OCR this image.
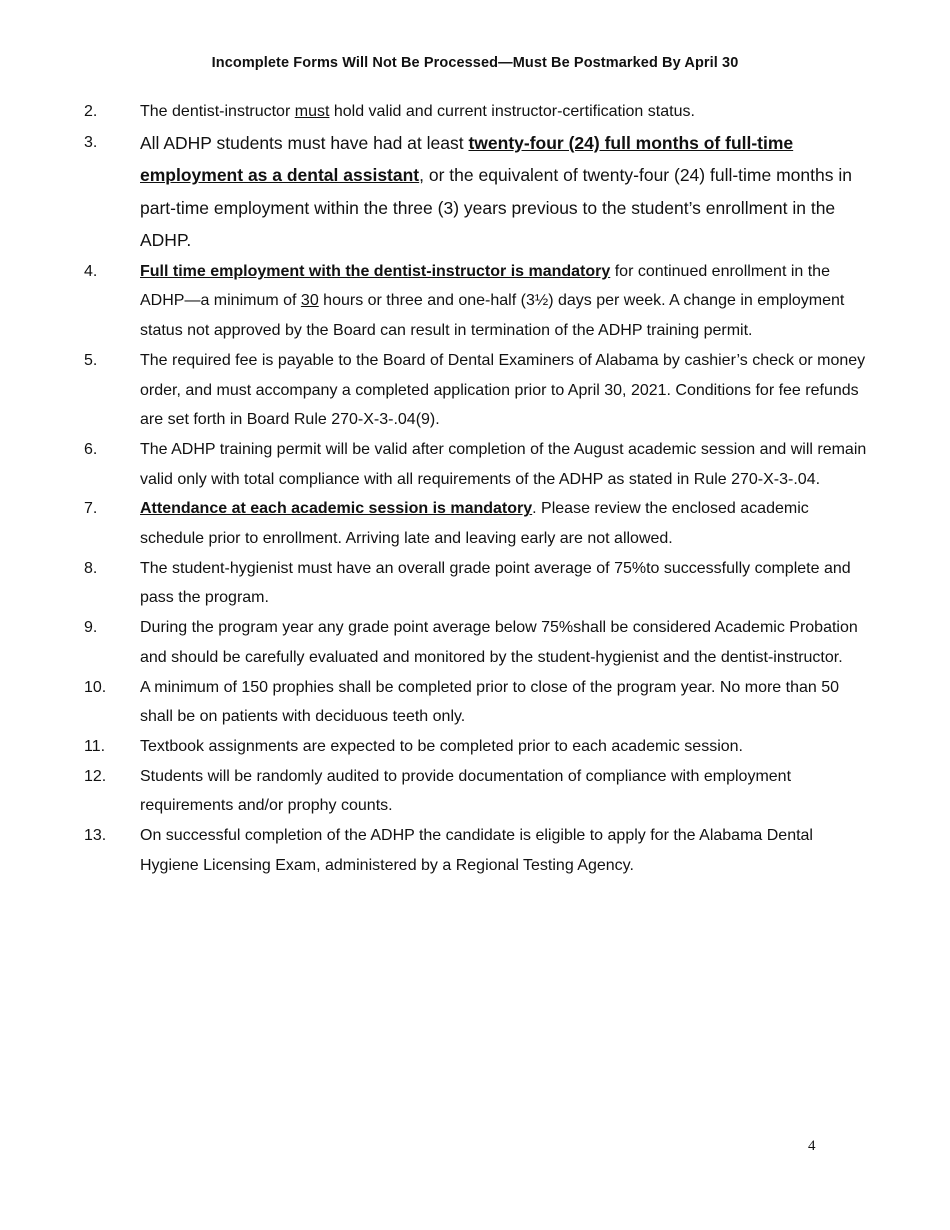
Incomplete Forms Will Not Be Processed—Must Be Postmarked By April 30
2.	The dentist-instructor must hold valid and current instructor-certification status.
3.	All ADHP students must have had at least twenty-four (24) full months of full-time employment as a dental assistant, or the equivalent of twenty-four (24) full-time months in part-time employment within the three (3) years previous to the student’s enrollment in the ADHP.
4.	Full time employment with the dentist-instructor is mandatory for continued enrollment in the ADHP—a minimum of 30 hours or three and one-half (3½) days per week. A change in employment status not approved by the Board can result in termination of the ADHP training permit.
5.	The required fee is payable to the Board of Dental Examiners of Alabama by cashier’s check or money order, and must accompany a completed application prior to April 30, 2021. Conditions for fee refunds are set forth in Board Rule 270-X-3-.04(9).
6.	The ADHP training permit will be valid after completion of the August academic session and will remain valid only with total compliance with all requirements of the ADHP as stated in Rule 270-X-3-.04.
7.	Attendance at each academic session is mandatory. Please review the enclosed academic schedule prior to enrollment. Arriving late and leaving early are not allowed.
8.	The student-hygienist must have an overall grade point average of 75%to successfully complete and pass the program.
9.	During the program year any grade point average below 75%shall be considered Academic Probation and should be carefully evaluated and monitored by the student-hygienist and the dentist-instructor.
10.	A minimum of 150 prophies shall be completed prior to close of the program year. No more than 50 shall be on patients with deciduous teeth only.
11.	Textbook assignments are expected to be completed prior to each academic session.
12.	Students will be randomly audited to provide documentation of compliance with employment requirements and/or prophy counts.
13.	On successful completion of the ADHP the candidate is eligible to apply for the Alabama Dental Hygiene Licensing Exam, administered by a Regional Testing Agency.
4
